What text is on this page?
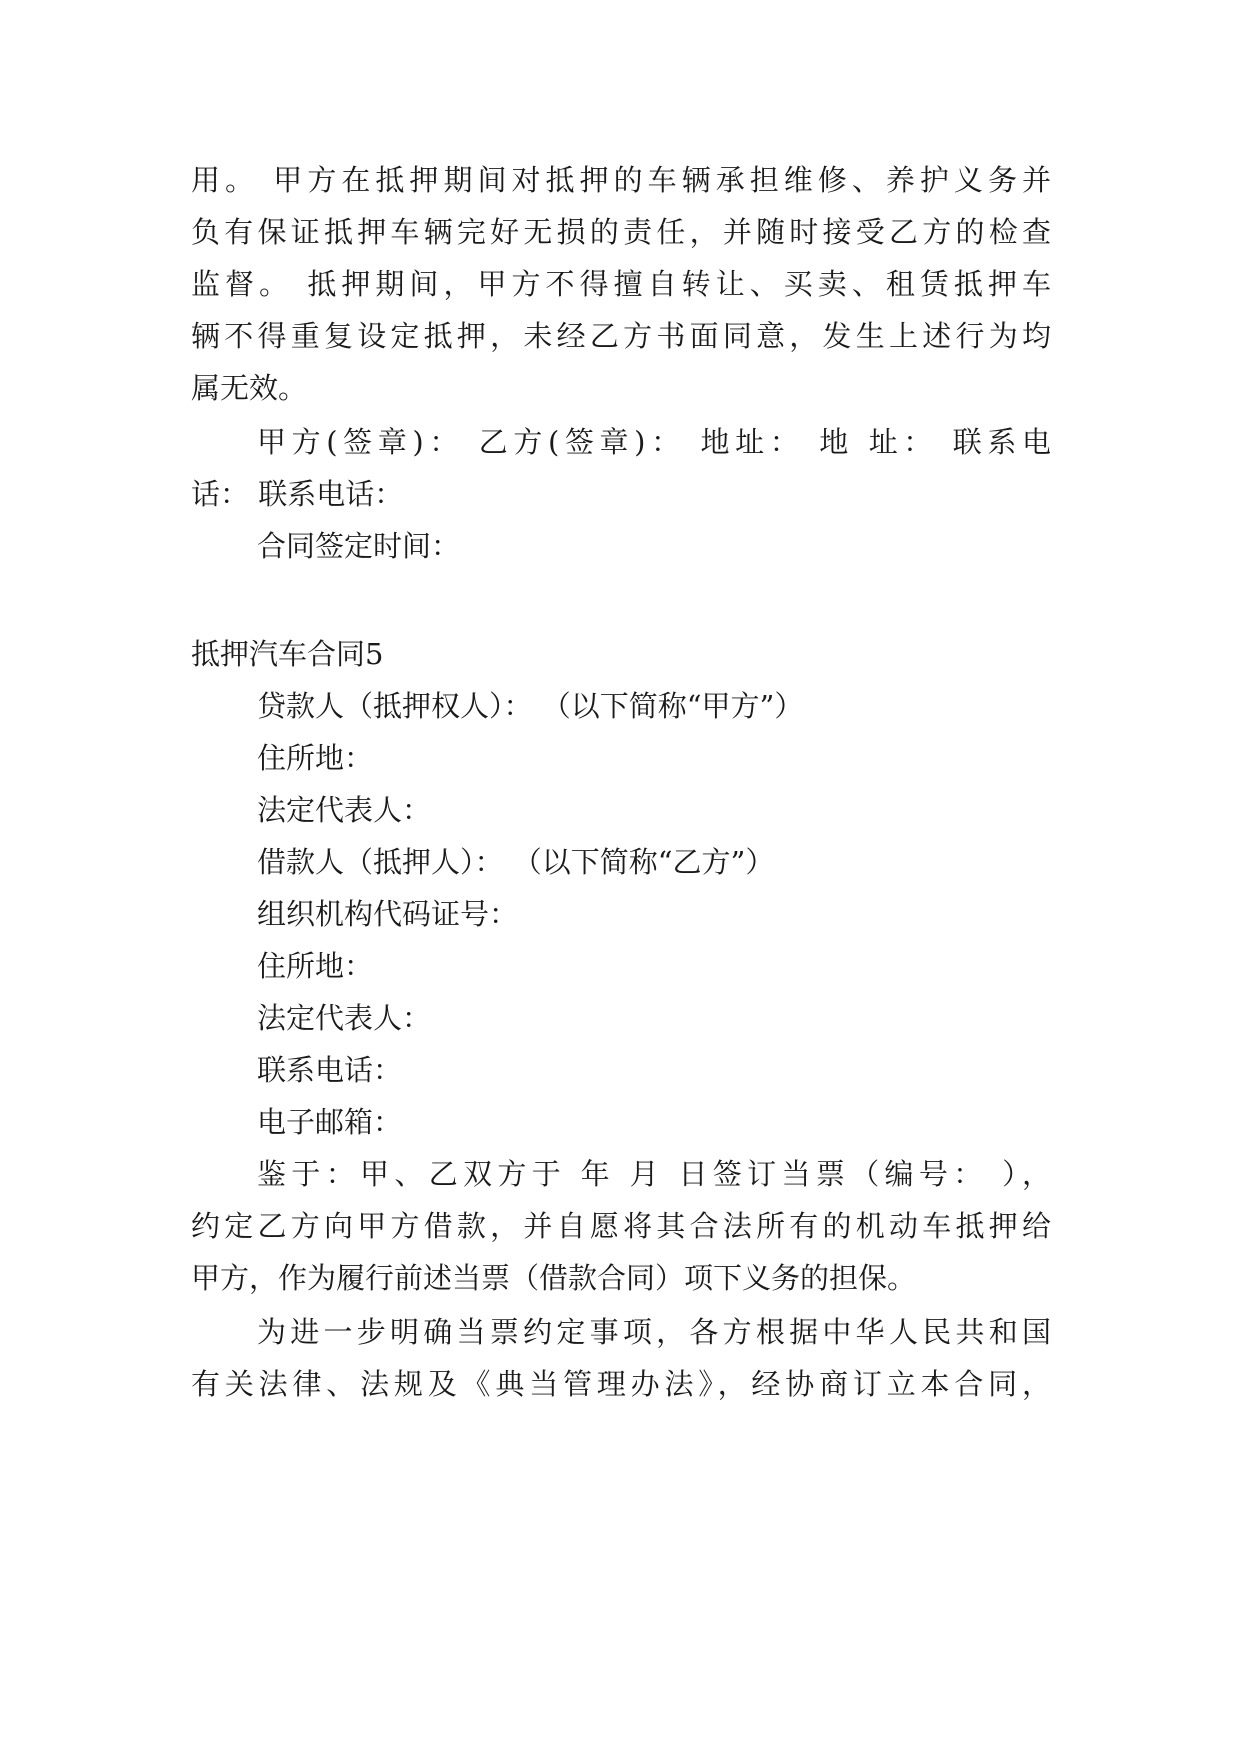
用。 甲方在抵押期间对抵押的车辆承担维修、养护义务并
负有保证抵押车辆完好无损的责任，并随时接受乙方的检查
监督。 抵押期间，甲方不得擅自转让、买卖、租赁抵押车
辆不得重复设定抵押，未经乙方书面同意，发生上述行为均
属无效。
甲方(签章)： 乙方(签章)： 地址： 地 址： 联系电
话： 联系电话：
合同签定时间：
抵押汽车合同5
贷款人（抵押权人）： （以下简称“甲方”）
住所地：
法定代表人：
借款人（抵押人）： （以下简称“乙方”）
组织机构代码证号：
住所地：
法定代表人：
联系电话：
电子邮箱：
鉴于：甲、乙双方于 年 月 日签订当票（编号： ），
约定乙方向甲方借款，并自愿将其合法所有的机动车抵押给
甲方，作为履行前述当票（借款合同）项下义务的担保。
为进一步明确当票约定事项，各方根据中华人民共和国
有关法律、法规及《典当管理办法》，经协商订立本合同，
